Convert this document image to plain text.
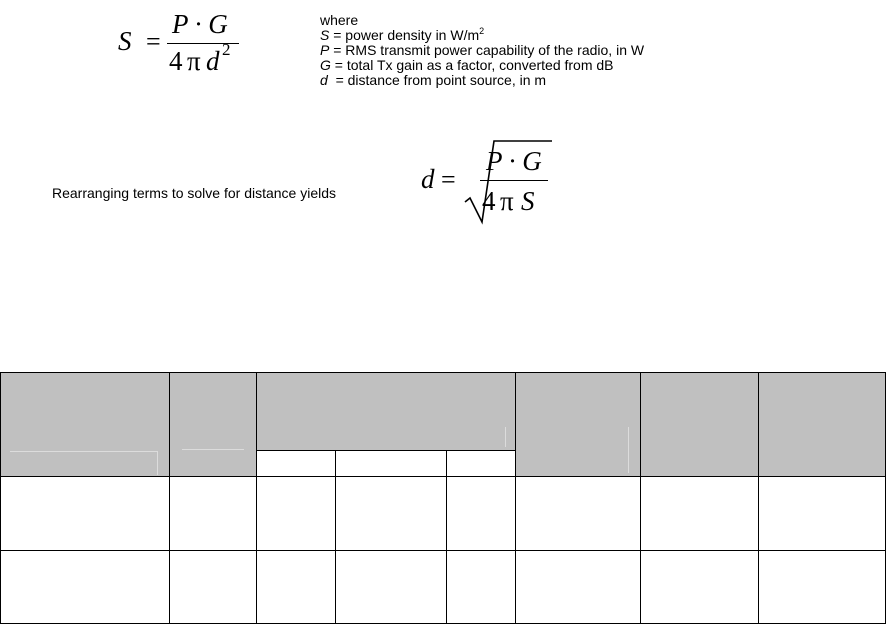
S =
P · G
4 π d 2
where
S = power density in $W/m^2$
P = RMS transmit power capability of the radio, in W
G = total Tx gain as a factor, converted from dB
d  = distance from point source, in m
Rearranging terms to solve for distance yields	d =
P · G
4 π S
